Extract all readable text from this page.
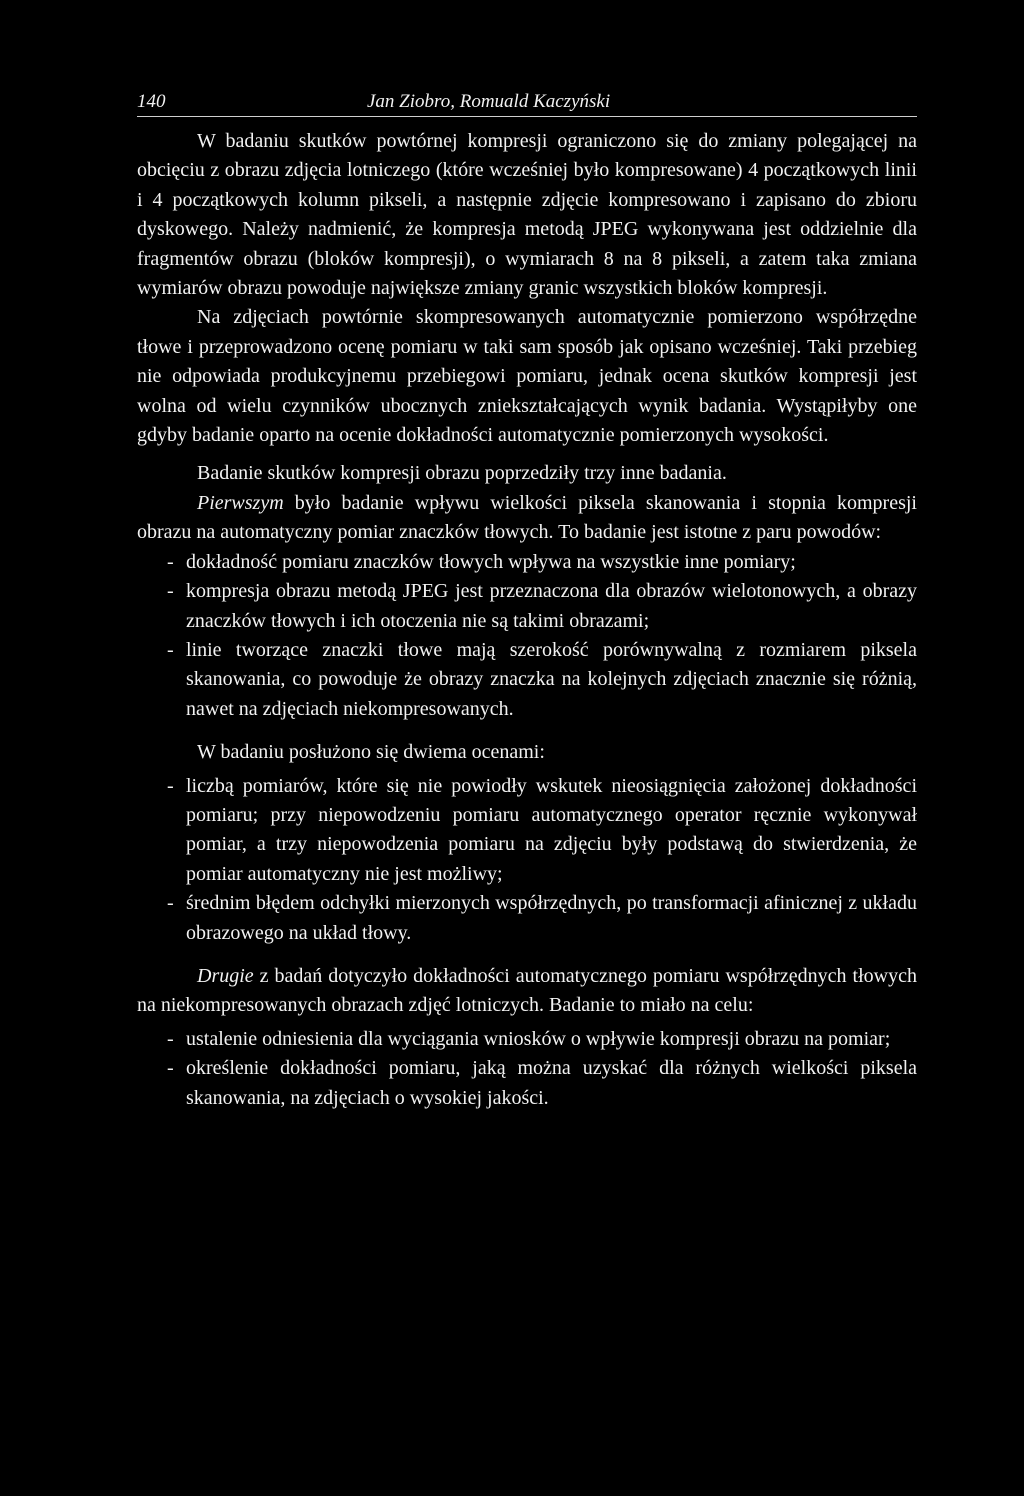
140	Jan Ziobro, Romuald Kaczyński

W badaniu skutków powtórnej kompresji ograniczono się do zmiany polegającej na obcięciu z obrazu zdjęcia lotniczego (które wcześniej było kompresowane) 4 początkowych linii i 4 początkowych kolumn pikseli, a następnie zdjęcie kompresowano i zapisano do zbioru dyskowego. Należy nadmienić, że kompresja metodą JPEG wykonywana jest oddzielnie dla fragmentów obrazu (bloków kompresji), o wymiarach 8 na 8 pikseli, a zatem taka zmiana wymiarów obrazu powoduje największe zmiany granic wszystkich bloków kompresji.

Na zdjęciach powtórnie skompresowanych automatycznie pomierzono współrzędne tłowe i przeprowadzono ocenę pomiaru w taki sam sposób jak opisano wcześniej. Taki przebieg nie odpowiada produkcyjnemu przebiegowi pomiaru, jednak ocena skutków kompresji jest wolna od wielu czynników ubocznych zniekształcających wynik badania. Wystąpiłyby one gdyby badanie oparto na ocenie dokładności automatycznie pomierzonych wysokości.

Badanie skutków kompresji obrazu poprzedziły trzy inne badania.

Pierwszym było badanie wpływu wielkości piksela skanowania i stopnia kompresji obrazu na automatyczny pomiar znaczków tłowych. To badanie jest istotne z paru powodów:

- dokładność pomiaru znaczków tłowych wpływa na wszystkie inne pomiary;
- kompresja obrazu metodą JPEG jest przeznaczona dla obrazów wielotonowych, a obrazy znaczków tłowych i ich otoczenia nie są takimi obrazami;
- linie tworzące znaczki tłowe mają szerokość porównywalną z rozmiarem piksela skanowania, co powoduje że obrazy znaczka na kolejnych zdjęciach znacznie się różnią, nawet na zdjęciach niekompresowanych.

W badaniu posłużono się dwiema ocenami:

- liczbą pomiarów, które się nie powiodły wskutek nieosiągnięcia założonej dokładności pomiaru; przy niepowodzeniu pomiaru automatycznego operator ręcznie wykonywał pomiar, a trzy niepowodzenia pomiaru na zdjęciu były podstawą do stwierdzenia, że pomiar automatyczny nie jest możliwy;
- średnim błędem odchyłki mierzonych współrzędnych, po transformacji afinicznej z układu obrazowego na układ tłowy.

Drugie z badań dotyczyło dokładności automatycznego pomiaru współrzędnych tłowych na niekompresowanych obrazach zdjęć lotniczych. Badanie to miało na celu:

- ustalenie odniesienia dla wyciągania wniosków o wpływie kompresji obrazu na pomiar;
- określenie dokładności pomiaru, jaką można uzyskać dla różnych wielkości piksela skanowania, na zdjęciach o wysokiej jakości.
